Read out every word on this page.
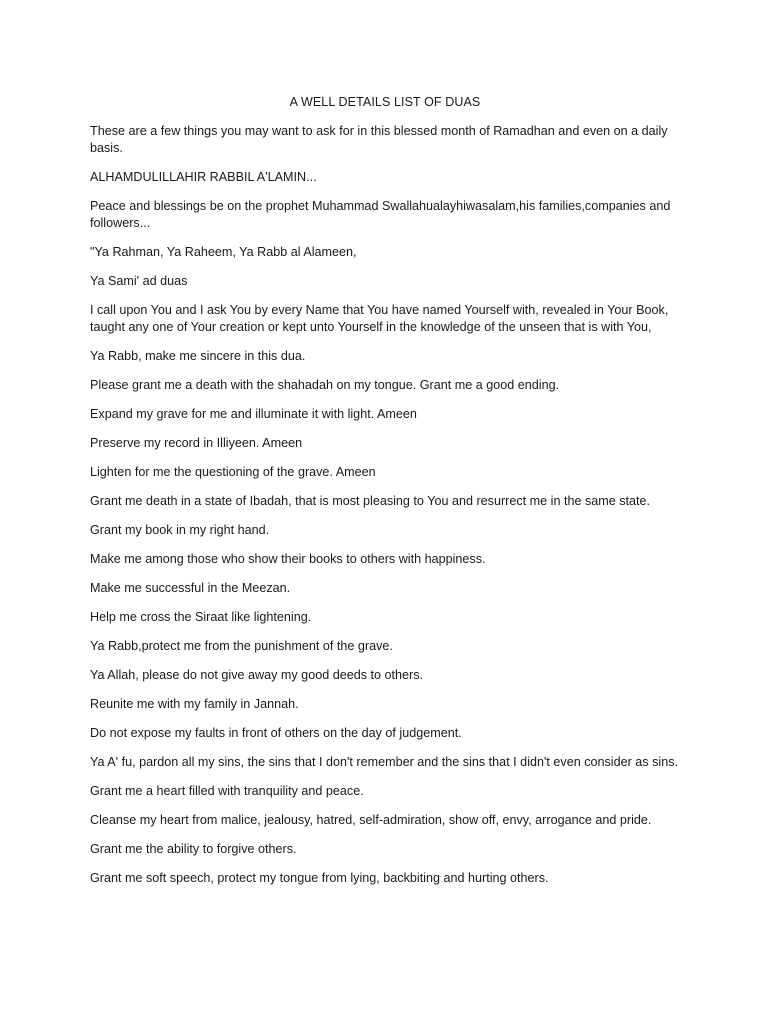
A WELL DETAILS LIST OF DUAS

These are a few things you may want to ask for in this blessed month of Ramadhan and even on a daily basis.

ALHAMDULILLAHIR RABBIL A'LAMIN...

Peace and blessings be on the prophet Muhammad Swallahualayhiwasalam,his families,companies and followers...

"Ya Rahman, Ya Raheem, Ya Rabb al Alameen,

Ya Sami' ad duas

I call upon You and I ask You by every Name that You have named Yourself with, revealed in Your Book, taught any one of Your creation or kept unto Yourself in the knowledge of the unseen that is with You,

Ya Rabb, make me sincere in this dua.

Please grant me a death with the shahadah on my tongue. Grant me a good ending.

Expand my grave for me and illuminate it with light. Ameen

Preserve my record in Illiyeen. Ameen

Lighten for me the questioning of the grave. Ameen

Grant me death in a state of Ibadah, that is most pleasing to You and resurrect me in the same state.

Grant my book in my right hand.

Make me among those who show their books to others with happiness.

Make me successful in the Meezan.

Help me cross the Siraat like lightening.

Ya Rabb,protect me from the punishment of the grave.

Ya Allah, please do not give away my good deeds to others.

Reunite me with my family in Jannah.

Do not expose my faults in front of others on the day of judgement.

Ya A' fu, pardon all my sins, the sins that I don't remember and the sins that I didn't even consider as sins.

Grant me a heart filled with tranquility and peace.

Cleanse my heart from malice, jealousy, hatred, self-admiration, show off, envy, arrogance and pride.

Grant me the ability to forgive others.

Grant me soft speech, protect my tongue from lying, backbiting and hurting others.
